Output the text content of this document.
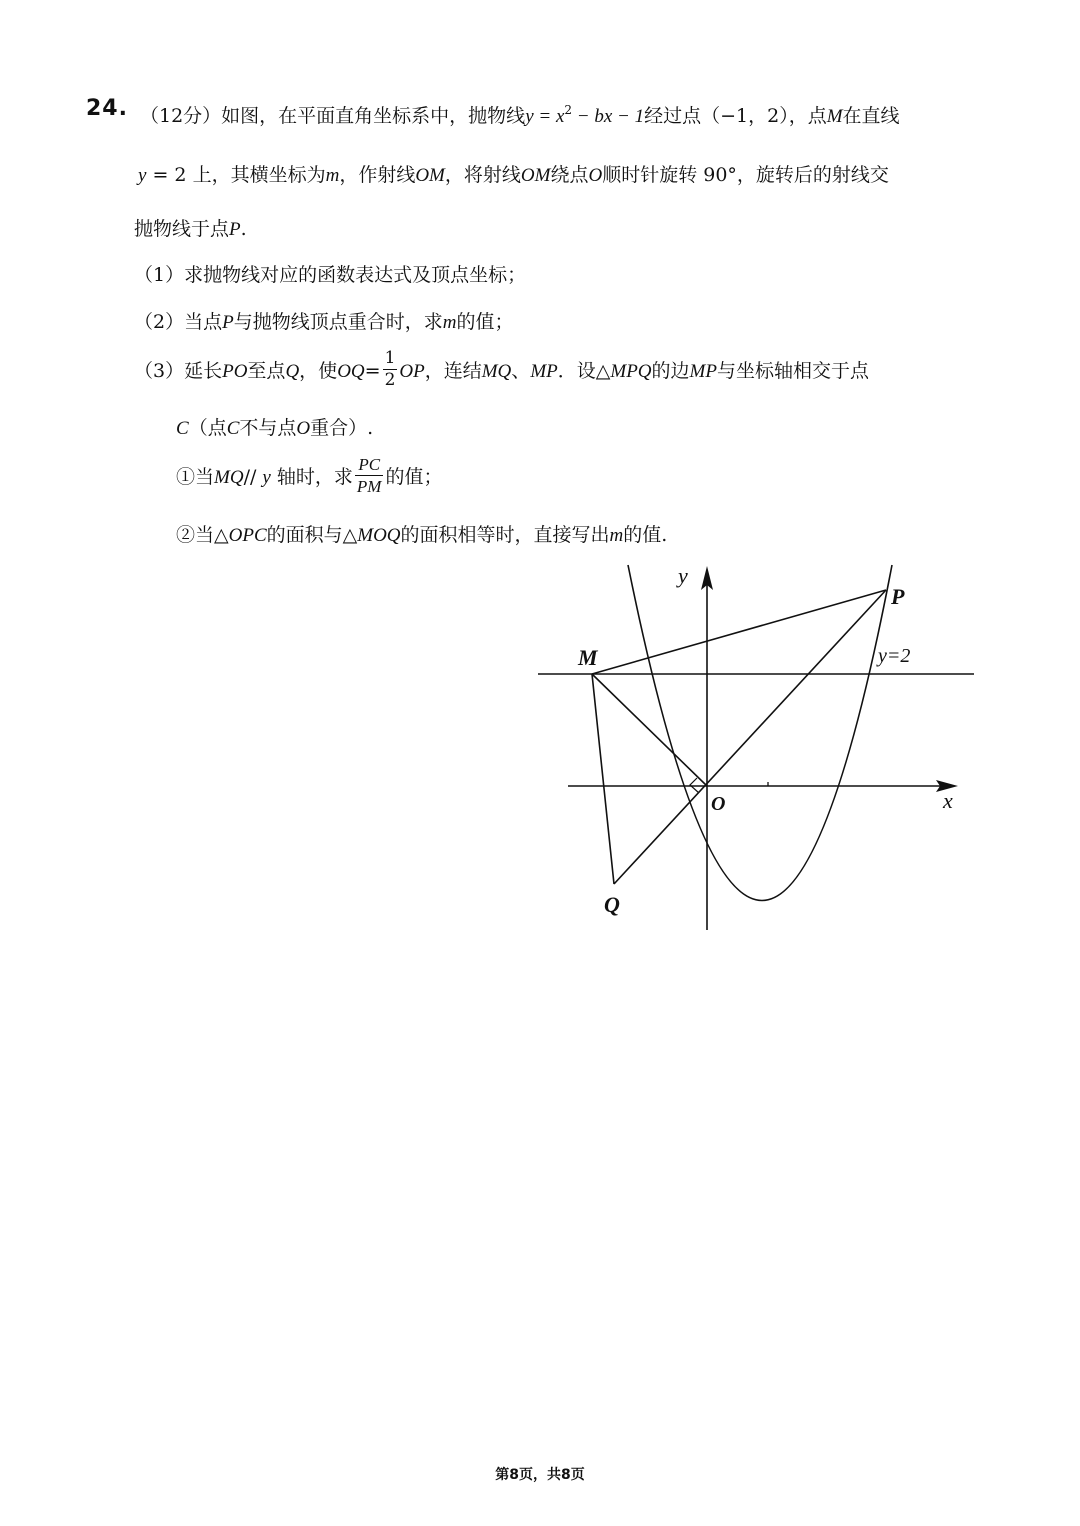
24. （12分）如图，在平面直角坐标系中，抛物线$y = x^2$ − bx − 1经过点（−1，2），点M在直线
y = 2 上，其横坐标为m，作射线OM，将射线OM绕点O顺时针旋转 90°，旋转后的射线交
抛物线于点P.
（1）求抛物线对应的函数表达式及顶点坐标；
（2）当点P与抛物线顶点重合时，求m的值；
（3）延长PO至点Q，使$OQ= \frac{1}{2}$ OP，连结MQ、MP．设△MPQ的边MP与坐标轴相交于点
C（点C不与点O重合）.
①当MQ// y 轴时，求 $\frac{PC}{PM}$ 的值；
②当△OPC的面积与△MOQ的面积相等时，直接写出m的值.
y
x
O
M
P
Q
y=2
第8页，共8页
